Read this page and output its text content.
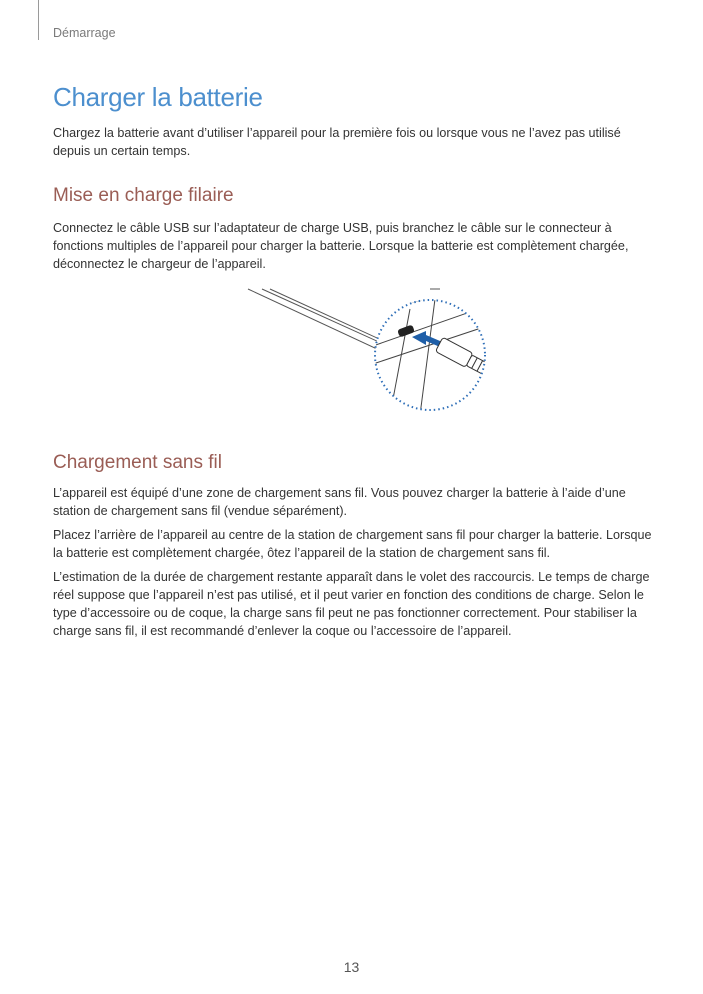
Démarrage
Charger la batterie

Chargez la batterie avant d’utiliser l’appareil pour la première fois ou lorsque vous ne l’avez pas utilisé depuis un certain temps.

Mise en charge filaire

Connectez le câble USB sur l’adaptateur de charge USB, puis branchez le câble sur le connecteur à fonctions multiples de l’appareil pour charger la batterie. Lorsque la batterie est complètement chargée, déconnectez le chargeur de l’appareil.

Chargement sans fil

L’appareil est équipé d’une zone de chargement sans fil. Vous pouvez charger la batterie à l’aide d’une station de chargement sans fil (vendue séparément).

Placez l’arrière de l’appareil au centre de la station de chargement sans fil pour charger la batterie. Lorsque la batterie est complètement chargée, ôtez l’appareil de la station de chargement sans fil.

L’estimation de la durée de chargement restante apparaît dans le volet des raccourcis. Le temps de charge réel suppose que l’appareil n’est pas utilisé, et il peut varier en fonction des conditions de charge. Selon le type d’accessoire ou de coque, la charge sans fil peut ne pas fonctionner correctement. Pour stabiliser la charge sans fil, il est recommandé d’enlever la coque ou l’accessoire de l’appareil.

13
